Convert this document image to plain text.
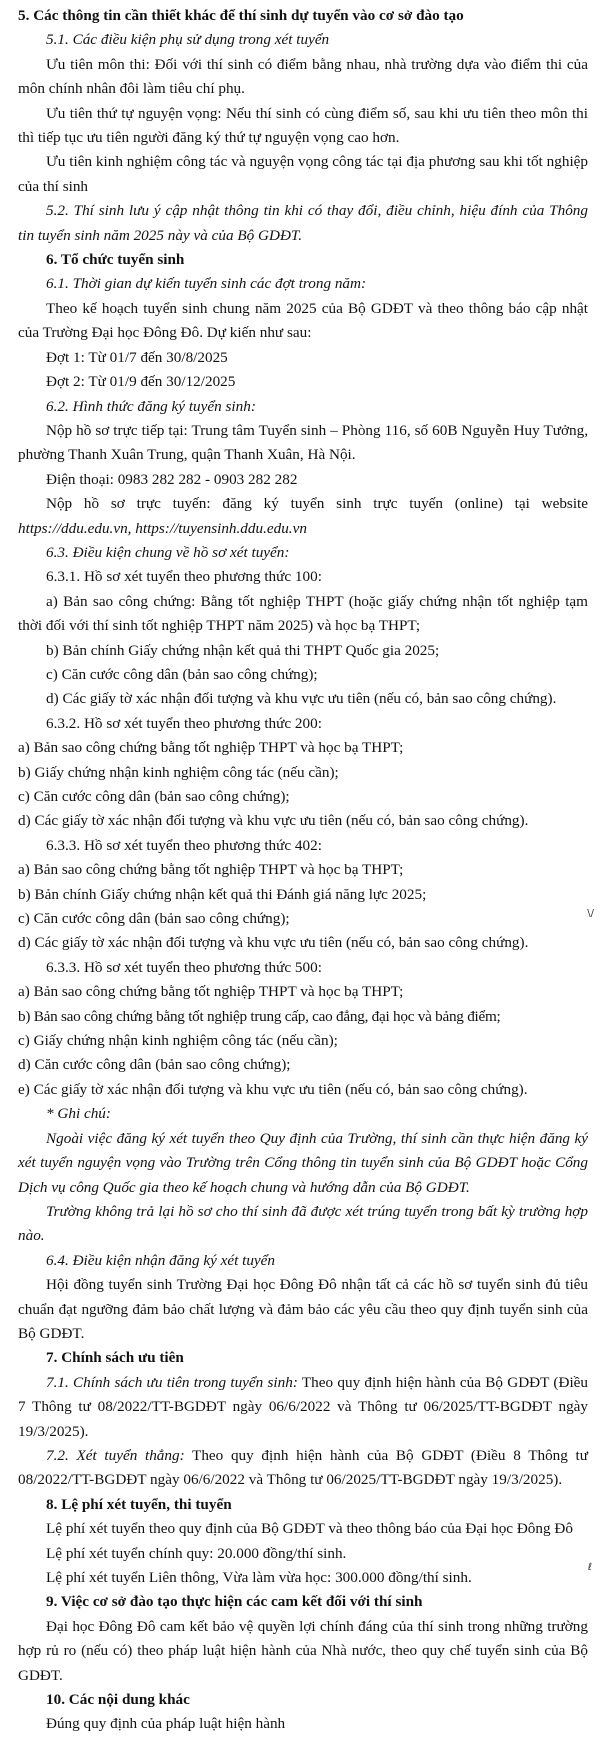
5. Các thông tin cần thiết khác để thí sinh dự tuyển vào cơ sở đào tạo
5.1. Các điều kiện phụ sử dụng trong xét tuyển

Ưu tiên môn thi: Đối với thí sinh có điểm bằng nhau, nhà trường dựa vào điểm thi của môn chính nhân đôi làm tiêu chí phụ.

Ưu tiên thứ tự nguyện vọng: Nếu thí sinh có cùng điểm số, sau khi ưu tiên theo môn thi thì tiếp tục ưu tiên người đăng ký thứ tự nguyện vọng cao hơn.

Ưu tiên kinh nghiệm công tác và nguyện vọng công tác tại địa phương sau khi tốt nghiệp của thí sinh

5.2. Thí sinh lưu ý cập nhật thông tin khi có thay đổi, điều chỉnh, hiệu đính của Thông tin tuyển sinh năm 2025 này và của Bộ GDĐT.

6. Tổ chức tuyển sinh
6.1. Thời gian dự kiến tuyển sinh các đợt trong năm:

Theo kế hoạch tuyển sinh chung năm 2025 của Bộ GDĐT và theo thông báo cập nhật của Trường Đại học Đông Đô. Dự kiến như sau:

Đợt 1: Từ 01/7 đến 30/8/2025
Đợt 2: Từ 01/9 đến 30/12/2025
6.2. Hình thức đăng ký tuyển sinh:

Nộp hồ sơ trực tiếp tại: Trung tâm Tuyển sinh – Phòng 116, số 60B Nguyễn Huy Tưởng, phường Thanh Xuân Trung, quận Thanh Xuân, Hà Nội.

Điện thoại: 0983 282 282 - 0903 282 282
Nộp hồ sơ trực tuyến: đăng ký tuyển sinh trực tuyến (online) tại website
https://ddu.edu.vn, https://tuyensinh.ddu.edu.vn
6.3. Điều kiện chung về hồ sơ xét tuyển:
6.3.1. Hồ sơ xét tuyển theo phương thức 100:

a) Bản sao công chứng: Bằng tốt nghiệp THPT (hoặc giấy chứng nhận tốt nghiệp tạm thời đối với thí sinh tốt nghiệp THPT năm 2025) và học bạ THPT;

b) Bản chính Giấy chứng nhận kết quả thi THPT Quốc gia 2025;
c) Căn cước công dân (bản sao công chứng);
d) Các giấy tờ xác nhận đối tượng và khu vực ưu tiên (nếu có, bản sao công chứng).
6.3.2. Hồ sơ xét tuyển theo phương thức 200:
a) Bản sao công chứng bằng tốt nghiệp THPT và học bạ THPT;
b) Giấy chứng nhận kinh nghiệm công tác (nếu cần);
c) Căn cước công dân (bản sao công chứng);
d) Các giấy tờ xác nhận đối tượng và khu vực ưu tiên (nếu có, bản sao công chứng).
6.3.3. Hồ sơ xét tuyển theo phương thức 402:
a) Bản sao công chứng bằng tốt nghiệp THPT và học bạ THPT;
b) Bản chính Giấy chứng nhận kết quả thi Đánh giá năng lực 2025;
c) Căn cước công dân (bản sao công chứng);
d) Các giấy tờ xác nhận đối tượng và khu vực ưu tiên (nếu có, bản sao công chứng).
6.3.3. Hồ sơ xét tuyển theo phương thức 500:
a) Bản sao công chứng bằng tốt nghiệp THPT và học bạ THPT;
b) Bản sao công chứng bằng tốt nghiệp trung cấp, cao đẳng, đại học và bảng điểm;
c) Giấy chứng nhận kinh nghiệm công tác (nếu cần);
d) Căn cước công dân (bản sao công chứng);
e) Các giấy tờ xác nhận đối tượng và khu vực ưu tiên (nếu có, bản sao công chứng).
* Ghi chú:

Ngoài việc đăng ký xét tuyển theo Quy định của Trường, thí sinh cần thực hiện đăng ký xét tuyển nguyện vọng vào Trường trên Cổng thông tin tuyển sinh của Bộ GDĐT hoặc Cổng Dịch vụ công Quốc gia theo kế hoạch chung và hướng dẫn của Bộ GDĐT.

Trường không trả lại hồ sơ cho thí sinh đã được xét trúng tuyển trong bất kỳ trường hợp nào.

6.4. Điều kiện nhận đăng ký xét tuyển

Hội đồng tuyển sinh Trường Đại học Đông Đô nhận tất cả các hồ sơ tuyển sinh đủ tiêu chuẩn đạt ngưỡng đảm bảo chất lượng và đảm bảo các yêu cầu theo quy định tuyển sinh của Bộ GDĐT.

7. Chính sách ưu tiên

7.1. Chính sách ưu tiên trong tuyển sinh: Theo quy định hiện hành của Bộ GDĐT (Điều 7 Thông tư 08/2022/TT-BGDĐT ngày 06/6/2022 và Thông tư 06/2025/TT-BGDĐT ngày 19/3/2025).

7.2. Xét tuyển thẳng: Theo quy định hiện hành của Bộ GDĐT (Điều 8 Thông tư 08/2022/TT-BGDĐT ngày 06/6/2022 và Thông tư 06/2025/TT-BGDĐT ngày 19/3/2025).

8. Lệ phí xét tuyển, thi tuyển
Lệ phí xét tuyển theo quy định của Bộ GDĐT và theo thông báo của Đại học Đông Đô
Lệ phí xét tuyển chính quy: 20.000 đồng/thí sinh.
Lệ phí xét tuyển Liên thông, Vừa làm vừa học: 300.000 đồng/thí sinh.
9. Việc cơ sở đào tạo thực hiện các cam kết đối với thí sinh

Đại học Đông Đô cam kết bảo vệ quyền lợi chính đáng của thí sinh trong những trường hợp rủ ro (nếu có) theo pháp luật hiện hành của Nhà nước, theo quy chế tuyển sinh của Bộ GDĐT.

10. Các nội dung khác
Đúng quy định của pháp luật hiện hành
\/
ℓ
